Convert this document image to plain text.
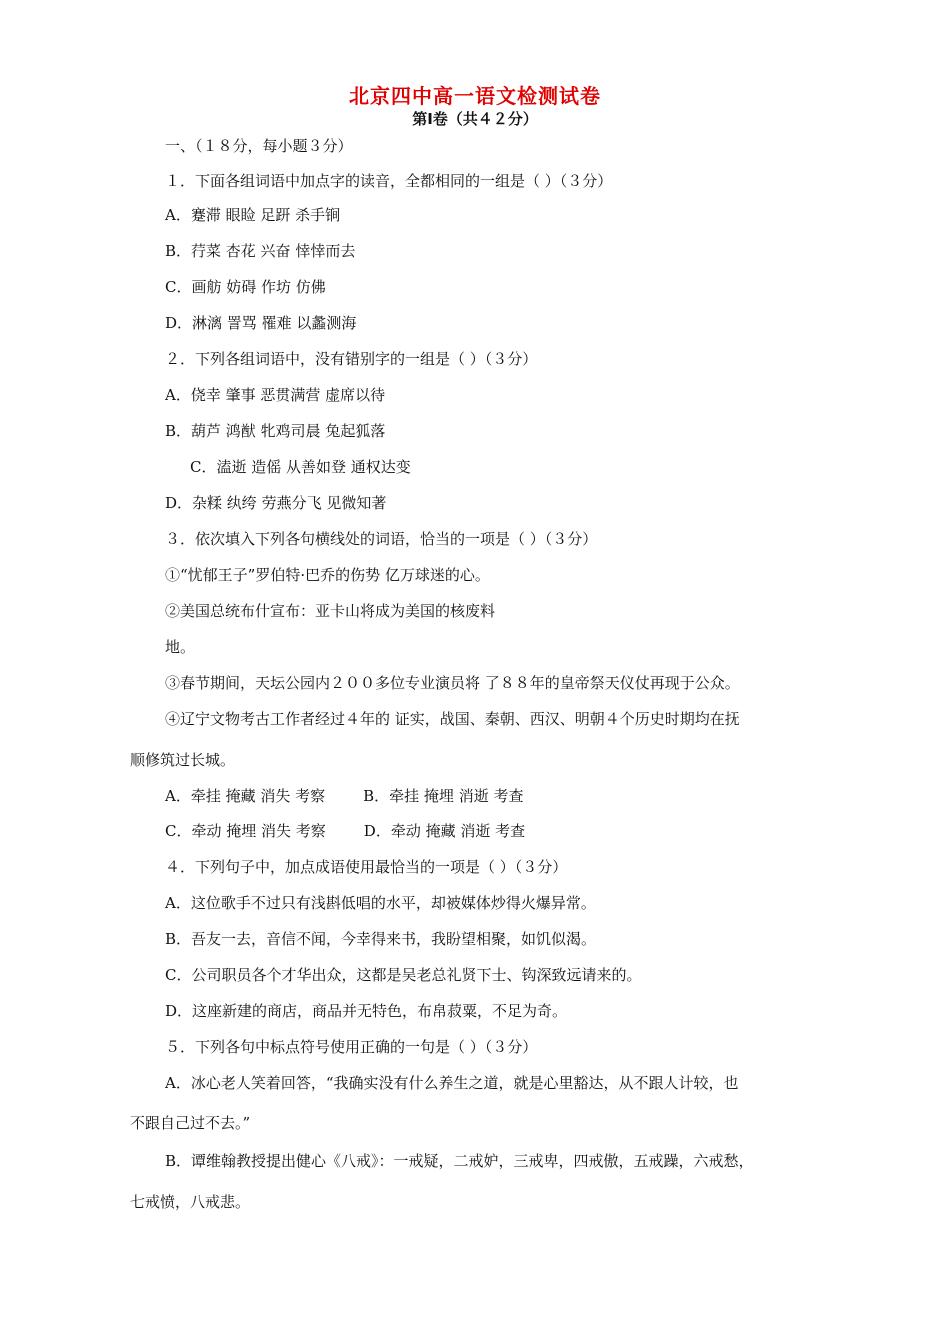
北京四中高一语文检测试卷
第Ⅰ卷（共４２分）
一、（１８分，每小题３分）
１．下面各组词语中加点字的读音，全都相同的一组是（ ）（３分）
A．蹇滞 眼睑 足趼 杀手锏
B．荇菜 杏花 兴奋 悻悻而去
C．画舫 妨碍 作坊 仿佛
D．淋漓 詈骂 罹难 以蠡测海
２．下列各组词语中，没有错别字的一组是（ ）（３分）
A．侥幸 肇事 恶贯满营 虚席以待
B．葫芦 鸿猷 牝鸡司晨 兔起狐落
C．溘逝 造傜 从善如登 通权达变
D．杂糅 纨绔 劳燕分飞 见微知著
３．依次填入下列各句横线处的词语，恰当的一项是（ ）（３分）
①“忧郁王子”罗伯特·巴乔的伤势 亿万球迷的心。
②美国总统布什宣布：亚卡山将成为美国的核废料
地。
③春节期间，天坛公园内２００多位专业演员将 了８８年的皇帝祭天仪仗再现于公众。
④辽宁文物考古工作者经过４年的 证实，战国、秦朝、西汉、明朝４个历史时期均在抚
顺修筑过长城。
A．牵挂 掩藏 消失 考察	B．牵挂 掩埋 消逝 考查
C．牵动 掩埋 消失 考察	D．牵动 掩藏 消逝 考查
４．下列句子中，加点成语使用最恰当的一项是（ ）（３分）
A．这位歌手不过只有浅斟低唱的水平，却被媒体炒得火爆异常。
B．吾友一去，音信不闻，今幸得来书，我盼望相聚，如饥似渴。
C．公司职员各个才华出众，这都是吴老总礼贤下士、钩深致远请来的。
D．这座新建的商店，商品并无特色，布帛菽粟，不足为奇。
５．下列各句中标点符号使用正确的一句是（ ）（３分）
A．冰心老人笑着回答，“我确实没有什么养生之道，就是心里豁达，从不跟人计较，也
不跟自己过不去。”
B．谭维翰教授提出健心《八戒》：一戒疑，二戒妒，三戒卑，四戒傲，五戒躁，六戒愁，
七戒愤，八戒悲。
